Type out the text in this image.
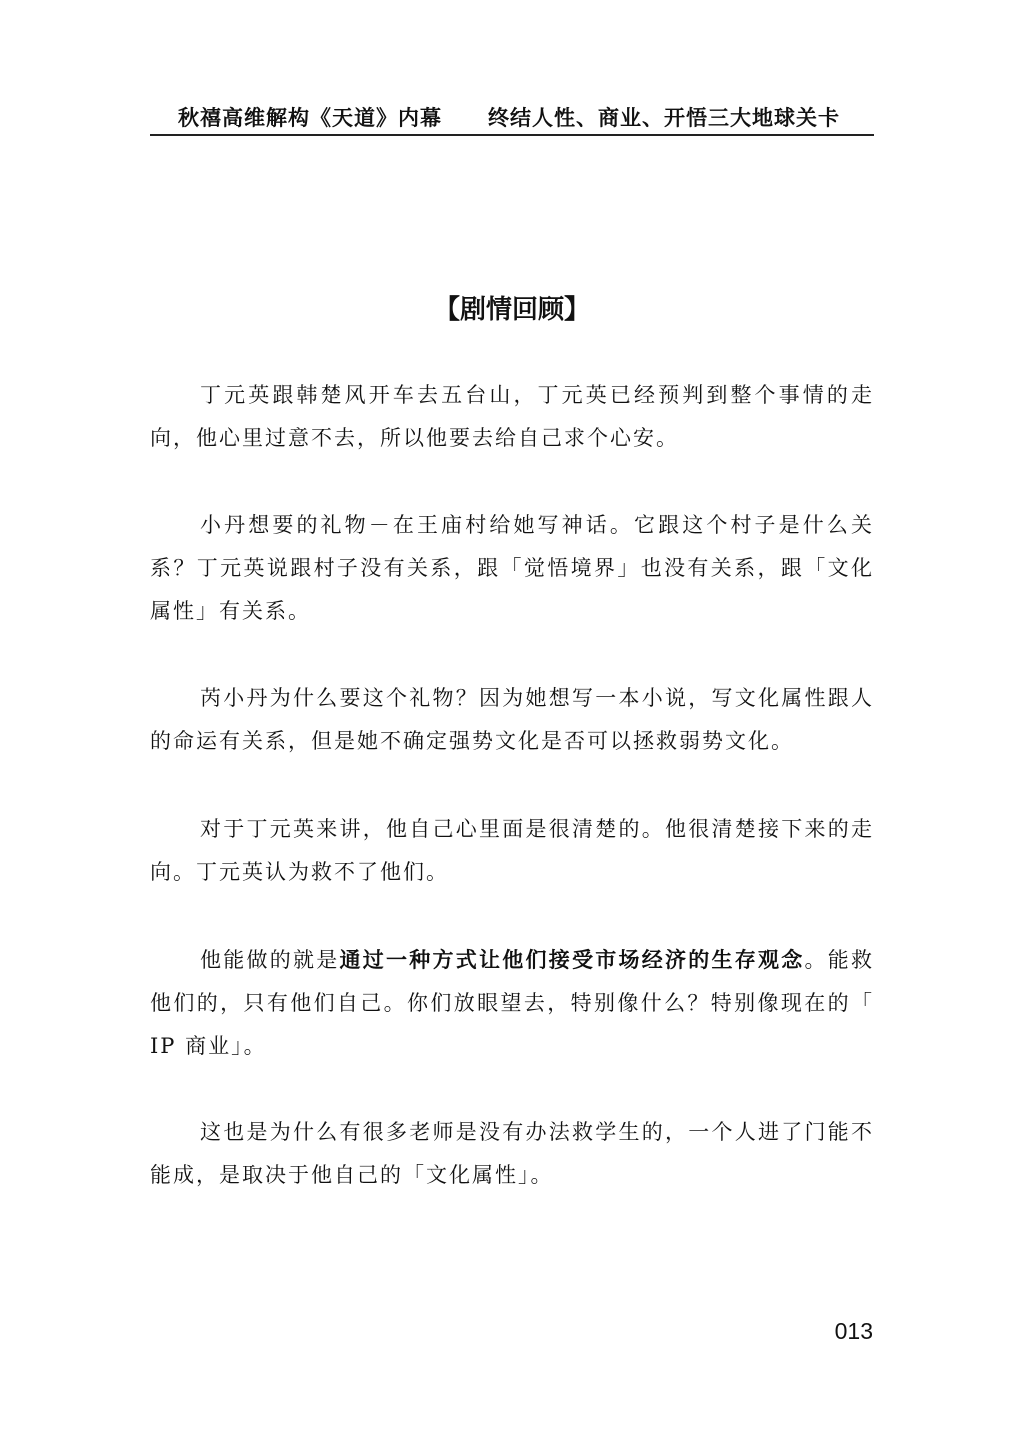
秋禧高维解构《天道》内幕 终结人性、商业、开悟三大地球关卡
【剧情回顾】

丁元英跟韩楚风开车去五台山，丁元英已经预判到整个事情的走向，他心里过意不去，所以他要去给自己求个心安。

小丹想要的礼物－在王庙村给她写神话。它跟这个村子是什么关系？丁元英说跟村子没有关系，跟「觉悟境界」也没有关系，跟「文化属性」有关系。

芮小丹为什么要这个礼物？因为她想写一本小说，写文化属性跟人的命运有关系，但是她不确定强势文化是否可以拯救弱势文化。

对于丁元英来讲，他自己心里面是很清楚的。他很清楚接下来的走向。丁元英认为救不了他们。

他能做的就是通过一种方式让他们接受市场经济的生存观念。能救他们的，只有他们自己。你们放眼望去，特别像什么？特别像现在的「 IP 商业」。

这也是为什么有很多老师是没有办法救学生的，一个人进了门能不能成，是取决于他自己的「文化属性」。

013
